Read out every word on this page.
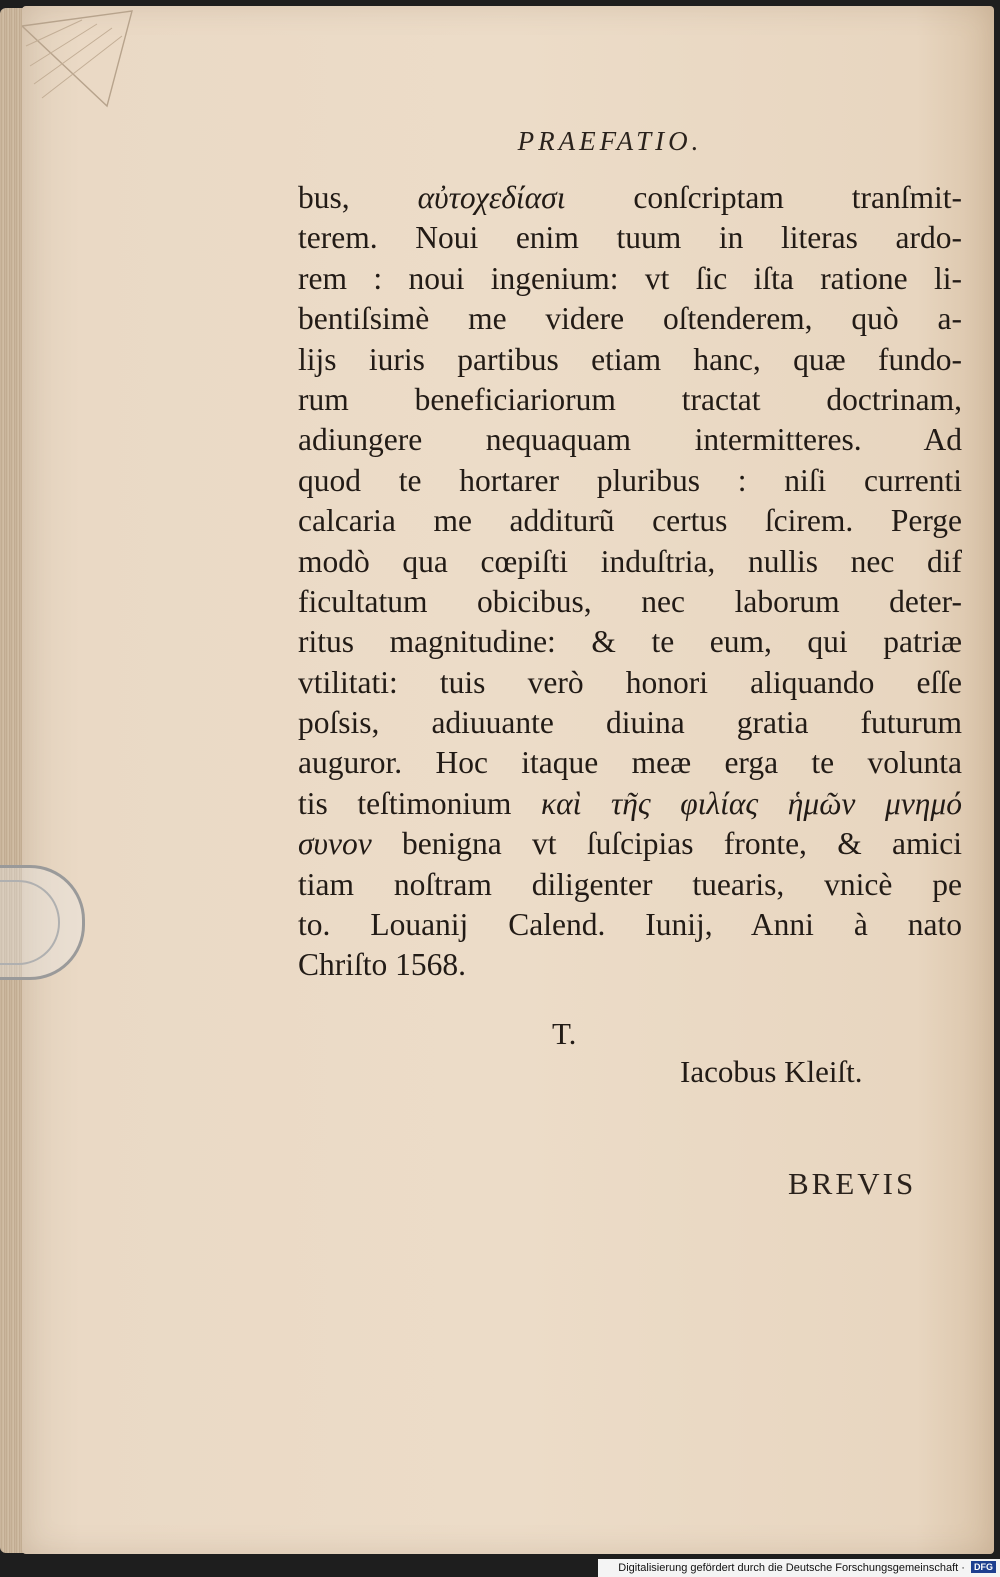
PRAEFATIO.
bus, αὐτοχεδίασι conſcriptam tranſmit-
terem. Noui enim tuum in literas ardo-
rem : noui ingenium: vt ſic iſta ratione li-
bentiſsimè me videre oſtenderem, quò a-
lijs iuris partibus etiam hanc, quæ fundo-
rum beneficiariorum tractat doctrinam,
adiungere nequaquam intermitteres. Ad
quod te hortarer pluribus : niſi currenti
calcaria me additurũ certus ſcirem. Perge
modò qua cœpiſti induſtria, nullis nec dif
ficultatum obicibus, nec laborum deter-
ritus magnitudine: & te eum, qui patriæ
vtilitati: tuis verò honori aliquando eſſe
poſsis, adiuuante diuina gratia futurum
auguror. Hoc itaque meæ erga te volunta
tis teſtimonium καὶ τῆς φιλίας ἡμῶν μνημό
συνον benigna vt ſuſcipias fronte, & amici
tiam noſtram diligenter tuearis, vnicè pe
to. Louanij Calend. Iunij, Anni à nato
Chriſto 1568.
T.
Iacobus Kleiſt.
BREVIS
Digitalisierung gefördert durch die Deutsche Forschungsgemeinschaft · DFG
